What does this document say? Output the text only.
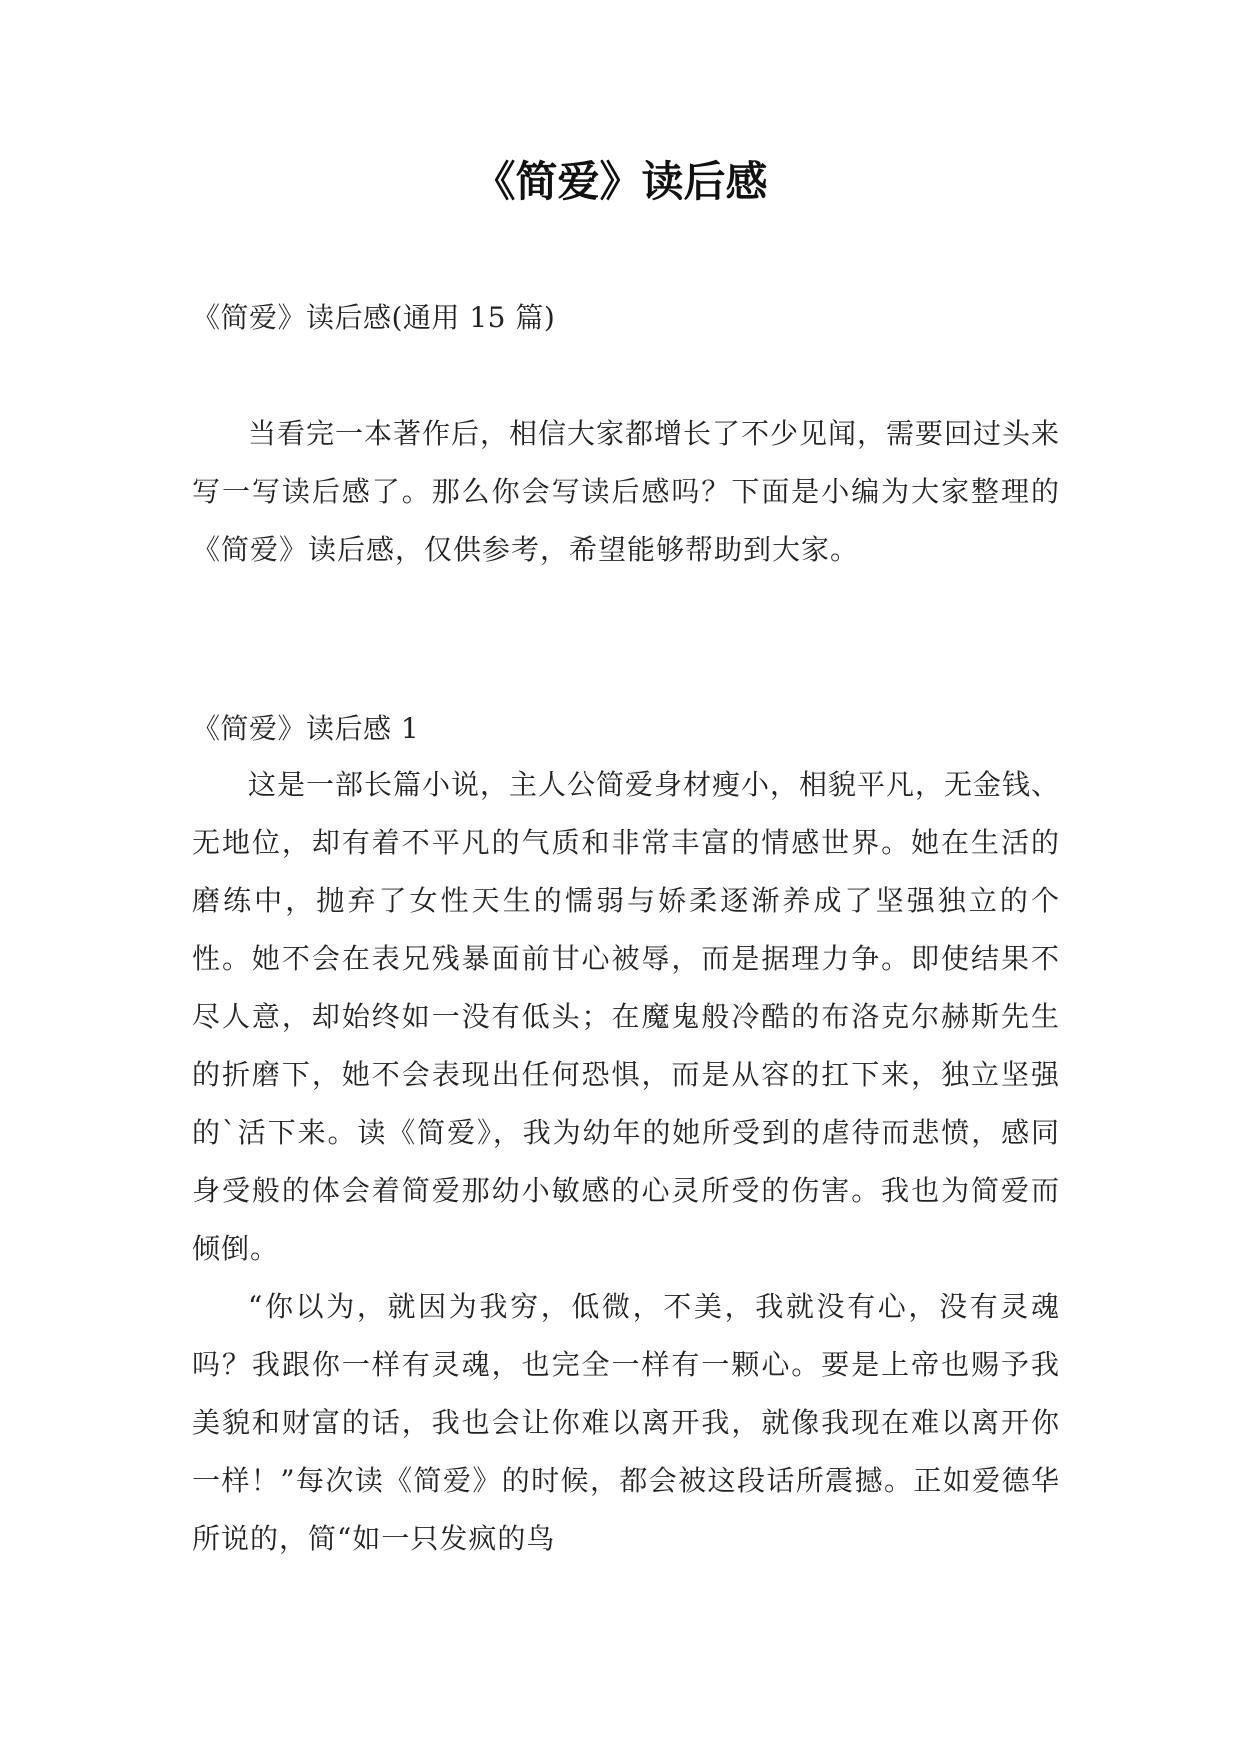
《简爱》读后感

《简爱》读后感(通用 15 篇)

当看完一本著作后，相信大家都增长了不少见闻，需要回过头来写一写读后感了。那么你会写读后感吗？下面是小编为大家整理的《简爱》读后感，仅供参考，希望能够帮助到大家。

《简爱》读后感 1

这是一部长篇小说，主人公简爱身材瘦小，相貌平凡，无金钱、无地位，却有着不平凡的气质和非常丰富的情感世界。她在生活的磨练中，抛弃了女性天生的懦弱与娇柔逐渐养成了坚强独立的个性。她不会在表兄残暴面前甘心被辱，而是据理力争。即使结果不尽人意，却始终如一没有低头；在魔鬼般冷酷的布洛克尔赫斯先生的折磨下，她不会表现出任何恐惧，而是从容的扛下来，独立坚强的`活下来。读《简爱》，我为幼年的她所受到的虐待而悲愤，感同身受般的体会着简爱那幼小敏感的心灵所受的伤害。我也为简爱而倾倒。

“你以为，就因为我穷，低微，不美，我就没有心，没有灵魂吗？我跟你一样有灵魂，也完全一样有一颗心。要是上帝也赐予我美貌和财富的话，我也会让你难以离开我，就像我现在难以离开你一样！”每次读《简爱》的时候，都会被这段话所震撼。正如爱德华所说的，简“如一只发疯的鸟
